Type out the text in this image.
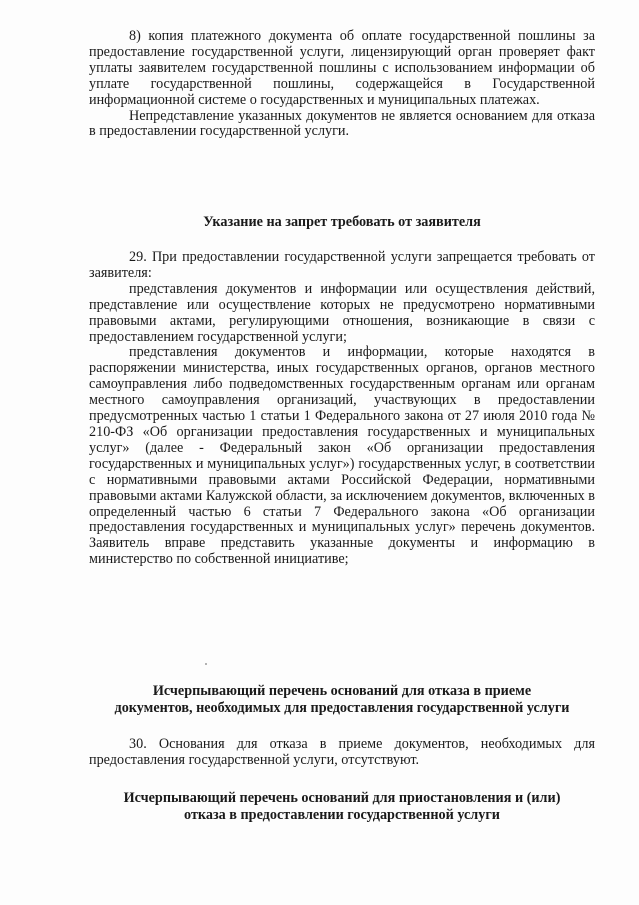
8) копия платежного документа об оплате государственной пошлины за предоставление государственной услуги, лицензирующий орган проверяет факт уплаты заявителем государственной пошлины с использованием информации об уплате государственной пошлины, содержащейся в Государственной информационной системе о государственных и муниципальных платежах.

Непредставление указанных документов не является основанием для отказа в предоставлении государственной услуги.

Указание на запрет требовать от заявителя

29. При предоставлении государственной услуги запрещается требовать от заявителя:

представления документов и информации или осуществления действий, представление или осуществление которых не предусмотрено нормативными правовыми актами, регулирующими отношения, возникающие в связи с предоставлением государственной услуги;

представления документов и информации, которые находятся в распоряжении министерства, иных государственных органов, органов местного самоуправления либо подведомственных государственным органам или органам местного самоуправления организаций, участвующих в предоставлении предусмотренных частью 1 статьи 1 Федерального закона от 27 июля 2010 года № 210-ФЗ «Об организации предоставления государственных и муниципальных услуг» (далее - Федеральный закон «Об организации предоставления государственных и муниципальных услуг») государственных услуг, в соответствии с нормативными правовыми актами Российской Федерации, нормативными правовыми актами Калужской области, за исключением документов, включенных в определенный частью 6 статьи 7 Федерального закона «Об организации предоставления государственных и муниципальных услуг» перечень документов. Заявитель вправе представить указанные документы и информацию в министерство по собственной инициативе;

Исчерпывающий перечень оснований для отказа в приеме
документов, необходимых для предоставления государственной услуги

30. Основания для отказа в приеме документов, необходимых для предоставления государственной услуги, отсутствуют.

Исчерпывающий перечень оснований для приостановления и (или)
отказа в предоставлении государственной услуги
